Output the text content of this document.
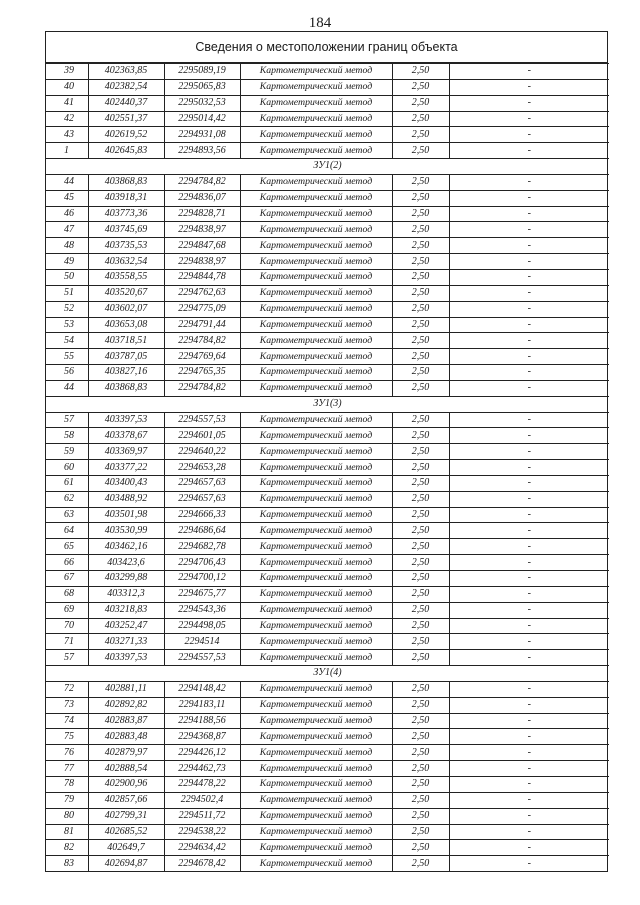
184
Сведения о местоположении границ объекта
39	402363,85	2295089,19	Картометрический метод	2,50	-
40	402382,54	2295065,83	Картометрический метод	2,50	-
41	402440,37	2295032,53	Картометрический метод	2,50	-
42	402551,37	2295014,42	Картометрический метод	2,50	-
43	402619,52	2294931,08	Картометрический метод	2,50	-
1	402645,83	2294893,56	Картометрический метод	2,50	-
ЗУ1(2)					
44	403868,83	2294784,82	Картометрический метод	2,50	-
45	403918,31	2294836,07	Картометрический метод	2,50	-
46	403773,36	2294828,71	Картометрический метод	2,50	-
47	403745,69	2294838,97	Картометрический метод	2,50	-
48	403735,53	2294847,68	Картометрический метод	2,50	-
49	403632,54	2294838,97	Картометрический метод	2,50	-
50	403558,55	2294844,78	Картометрический метод	2,50	-
51	403520,67	2294762,63	Картометрический метод	2,50	-
52	403602,07	2294775,09	Картометрический метод	2,50	-
53	403653,08	2294791,44	Картометрический метод	2,50	-
54	403718,51	2294784,82	Картометрический метод	2,50	-
55	403787,05	2294769,64	Картометрический метод	2,50	-
56	403827,16	2294765,35	Картометрический метод	2,50	-
44	403868,83	2294784,82	Картометрический метод	2,50	-
ЗУ1(3)					
57	403397,53	2294557,53	Картометрический метод	2,50	-
58	403378,67	2294601,05	Картометрический метод	2,50	-
59	403369,97	2294640,22	Картометрический метод	2,50	-
60	403377,22	2294653,28	Картометрический метод	2,50	-
61	403400,43	2294657,63	Картометрический метод	2,50	-
62	403488,92	2294657,63	Картометрический метод	2,50	-
63	403501,98	2294666,33	Картометрический метод	2,50	-
64	403530,99	2294686,64	Картометрический метод	2,50	-
65	403462,16	2294682,78	Картометрический метод	2,50	-
66	403423,6	2294706,43	Картометрический метод	2,50	-
67	403299,88	2294700,12	Картометрический метод	2,50	-
68	403312,3	2294675,77	Картометрический метод	2,50	-
69	403218,83	2294543,36	Картометрический метод	2,50	-
70	403252,47	2294498,05	Картометрический метод	2,50	-
71	403271,33	2294514	Картометрический метод	2,50	-
57	403397,53	2294557,53	Картометрический метод	2,50	-
ЗУ1(4)					
72	402881,11	2294148,42	Картометрический метод	2,50	-
73	402892,82	2294183,11	Картометрический метод	2,50	-
74	402883,87	2294188,56	Картометрический метод	2,50	-
75	402883,48	2294368,87	Картометрический метод	2,50	-
76	402879,97	2294426,12	Картометрический метод	2,50	-
77	402888,54	2294462,73	Картометрический метод	2,50	-
78	402900,96	2294478,22	Картометрический метод	2,50	-
79	402857,66	2294502,4	Картометрический метод	2,50	-
80	402799,31	2294511,72	Картометрический метод	2,50	-
81	402685,52	2294538,22	Картометрический метод	2,50	-
82	402649,7	2294634,42	Картометрический метод	2,50	-
83	402694,87	2294678,42	Картометрический метод	2,50	-
